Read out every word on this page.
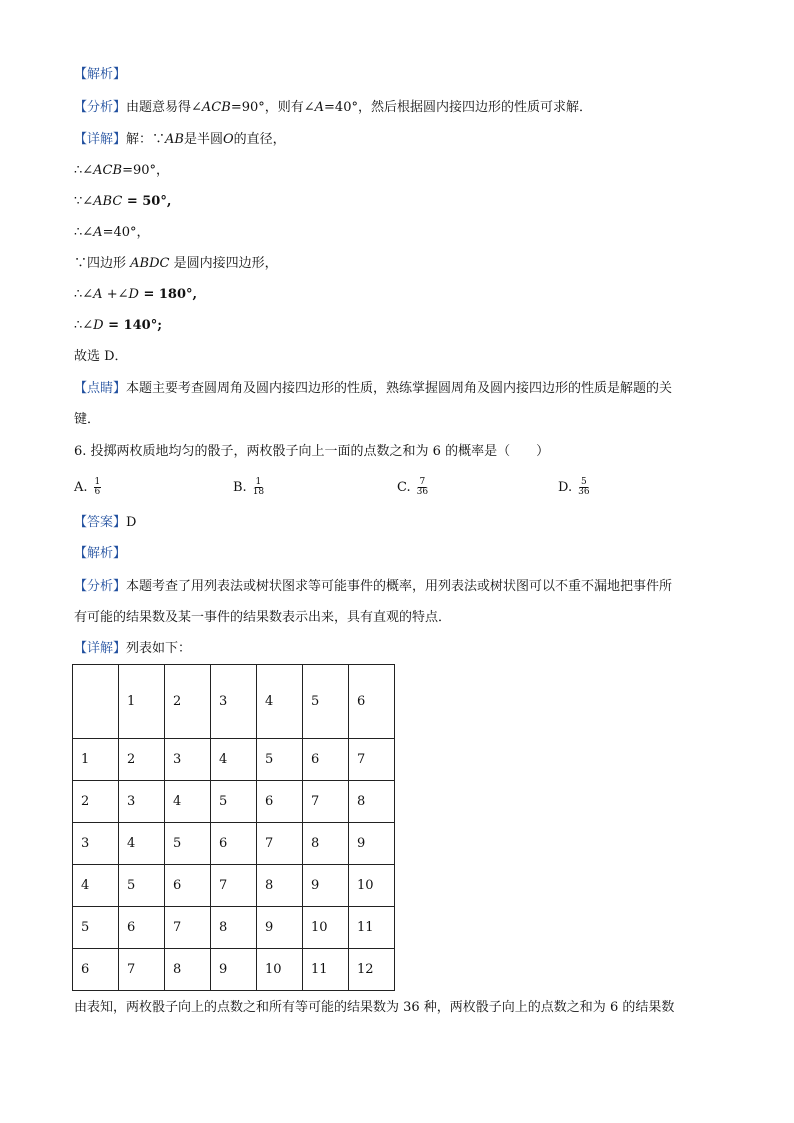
【解析】
【分析】由题意易得∠ACB=90°，则有∠A=40°，然后根据圆内接四边形的性质可求解．
【详解】解：∵AB是半圆O的直径，
∴∠ACB=90°，
∵∠ABC = 50°,
∴∠A=40°，
∵四边形 ABDC 是圆内接四边形，
∴∠A +∠D = 180°,
∴∠D = 140°;
故选 D．
【点睛】本题主要考查圆周角及圆内接四边形的性质，熟练掌握圆周角及圆内接四边形的性质是解题的关
键．
6. 投掷两枚质地均匀的骰子，两枚骰子向上一面的点数之和为 6 的概率是（　　）
A. $\frac{1}{6}$	B. $\frac{1}{18}$	C. $\frac{7}{36}$	D. $\frac{5}{36}$
【答案】D
【解析】
【分析】本题考查了用列表法或树状图求等可能事件的概率，用列表法或树状图可以不重不漏地把事件所
有可能的结果数及某一事件的结果数表示出来，具有直观的特点．
【详解】列表如下：
	1	2	3	4	5	6
1	2	3	4	5	6	7
2	3	4	5	6	7	8
3	4	5	6	7	8	9
4	5	6	7	8	9	10
5	6	7	8	9	10	11
6	7	8	9	10	11	12
由表知，两枚骰子向上的点数之和所有等可能的结果数为 36 种，两枚骰子向上的点数之和为 6 的结果数
